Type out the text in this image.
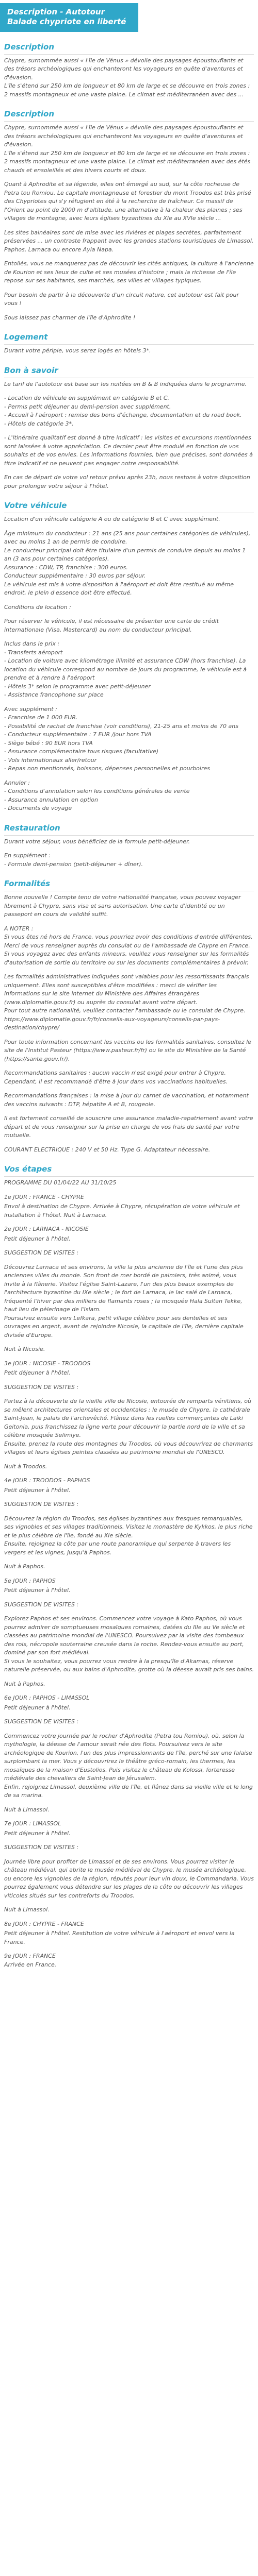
Description - Autotour Balade chypriote en liberté
Description

Chypre, surnommée aussi « l'île de Vénus » dévoile des paysages époustouflants et des trésors archéologiques qui enchanteront les voyageurs en quête d'aventures et d'évasion.
L'île s'étend sur 250 km de longueur et 80 km de large et se découvre en trois zones : 2 massifs montagneux et une vaste plaine. Le climat est méditerranéen avec des ...

Description

Chypre, surnommée aussi « l'île de Vénus » dévoile des paysages époustouflants et des trésors archéologiques qui enchanteront les voyageurs en quête d'aventures et d'évasion.
L'île s'étend sur 250 km de longueur et 80 km de large et se découvre en trois zones : 2 massifs montagneux et une vaste plaine. Le climat est méditerranéen avec des étés chauds et ensoleillés et des hivers courts et doux.

Quant à Aphrodite et sa légende, elles ont émergé au sud, sur la côte rocheuse de Petra tou Romiou. Le capitale montagneuse et forestier du mont Troodos est très prisé des Chypriotes qui s'y réfugient en été à la recherche de fraîcheur. Ce massif de l'Orient au point de 2000 m d'altitude, une alternative à la chaleur des plaines ; ses villages de montagne, avec leurs églises byzantines du XIe au XVIe siècle ...

Les sites balnéaires sont de mise avec les rivières et plages secrètes, parfaitement préservées ... un contraste frappant avec les grandes stations touristiques de Limassol, Paphos, Larnaca ou encore Ayia Napa.

Entoilés, vous ne manquerez pas de découvrir les cités antiques, la culture à l'ancienne de Kourion et ses lieux de culte et ses musées d'histoire ; mais la richesse de l'île repose sur ses habitants, ses marchés, ses villes et villages typiques.

Pour besoin de partir à la découverte d'un circuit nature, cet autotour est fait pour vous !

Sous laissez pas charmer de l'île d'Aphrodite !

Logement

Durant votre périple, vous serez logés en hôtels 3*.

Bon à savoir

Le tarif de l'autotour est base sur les nuitées en B & B indiquées dans le programme.

- Location de véhicule en supplément en catégorie B et C.
- Permis petit déjeuner au demi-pension avec supplément.
- Accueil à l'aéroport : remise des bons d'échange, documentation et du road book.
- Hôtels de catégorie 3*.

- L'itinéraire qualitatif est donné à titre indicatif : les visites et excursions mentionnées sont laissées à votre appréciation. Ce dernier peut être modulé en fonction de vos souhaits et de vos envies. Les informations fournies, bien que précises, sont données à titre indicatif et ne peuvent pas engager notre responsabilité.

En cas de départ de votre vol retour prévu après 23h, nous restons à votre disposition pour prolonger votre séjour à l'hôtel.

Votre véhicule

Location d'un véhicule catégorie A ou de catégorie B et C avec supplément.

Âge minimum du conducteur : 21 ans (25 ans pour certaines catégories de véhicules), avec au moins 1 an de permis de conduire.
Le conducteur principal doit être titulaire d'un permis de conduire depuis au moins 1 an (3 ans pour certaines catégories).
Assurance : CDW, TP, franchise : 300 euros.
Conducteur supplémentaire : 30 euros par séjour.
Le véhicule est mis à votre disposition à l'aéroport et doit être restitué au même endroit, le plein d'essence doit être effectué.

Conditions de location :

Pour réserver le véhicule, il est nécessaire de présenter une carte de crédit internationale (Visa, Mastercard) au nom du conducteur principal.

Inclus dans le prix :
- Transferts aéroport
- Location de voiture avec kilométrage illimité et assurance CDW (hors franchise). La location du véhicule correspond au nombre de jours du programme, le véhicule est à prendre et à rendre à l'aéroport
- Hôtels 3* selon le programme avec petit-déjeuner
- Assistance francophone sur place

Avec supplément :
- Franchise de 1 000 EUR.
- Possibilité de rachat de franchise (voir conditions), 21-25 ans et moins de 70 ans
- Conducteur supplémentaire : 7 EUR /jour hors TVA
- Siège bébé : 90 EUR hors TVA
- Assurance complémentaire tous risques (facultative)
- Vols internationaux aller/retour
- Repas non mentionnés, boissons, dépenses personnelles et pourboires

Annuler :
- Conditions d'annulation selon les conditions générales de vente
- Assurance annulation en option
- Documents de voyage

Restauration

Durant votre séjour, vous bénéficiez de la formule petit-déjeuner.

En supplément :
- Formule demi-pension (petit-déjeuner + dîner).

Formalités

Bonne nouvelle ! Compte tenu de votre nationalité française, vous pouvez voyager librement à Chypre, sans visa et sans autorisation. Une carte d'identité ou un passeport en cours de validité suffit.

A NOTER :
Si vous êtes né hors de France, vous pourriez avoir des conditions d'entrée différentes. Merci de vous renseigner auprès du consulat ou de l'ambassade de Chypre en France.
Si vous voyagez avec des enfants mineurs, veuillez vous renseigner sur les formalités d'autorisation de sortie du territoire ou sur les documents complémentaires à prévoir.

Les formalités administratives indiquées sont valables pour les ressortissants français uniquement. Elles sont susceptibles d'être modifiées : merci de vérifier les informations sur le site internet du Ministère des Affaires étrangères (www.diplomatie.gouv.fr) ou auprès du consulat avant votre départ.
Pour tout autre nationalité, veuillez contacter l'ambassade ou le consulat de Chypre.
https://www.diplomatie.gouv.fr/fr/conseils-aux-voyageurs/conseils-par-pays-destination/chypre/

Pour toute information concernant les vaccins ou les formalités sanitaires, consultez le site de l'Institut Pasteur (https://www.pasteur.fr/fr) ou le site du Ministère de la Santé (https://sante.gouv.fr/).

Recommandations sanitaires : aucun vaccin n'est exigé pour entrer à Chypre. Cependant, il est recommandé d'être à jour dans vos vaccinations habituelles.

Recommandations françaises : la mise à jour du carnet de vaccination, et notamment des vaccins suivants : DTP, hépatite A et B, rougeole.

Il est fortement conseillé de souscrire une assurance maladie-rapatriement avant votre départ et de vous renseigner sur la prise en charge de vos frais de santé par votre mutuelle.

COURANT ELECTRIQUE : 240 V et 50 Hz. Type G. Adaptateur nécessaire.

Vos étapes

PROGRAMME DU 01/04/22 AU 31/10/25

1e JOUR : FRANCE - CHYPRE

Envol à destination de Chypre. Arrivée à Chypre, récupération de votre véhicule et installation à l'hôtel. Nuit à Larnaca.

2e JOUR : LARNACA - NICOSIE

Petit déjeuner à l'hôtel.

SUGGESTION DE VISITES :

Découvrez Larnaca et ses environs, la ville la plus ancienne de l'île et l'une des plus anciennes villes du monde. Son front de mer bordé de palmiers, très animé, vous invite à la flânerie. Visitez l'église Saint-Lazare, l'un des plus beaux exemples de l'architecture byzantine du IXe siècle ; le fort de Larnaca, le lac salé de Larnaca, fréquenté l'hiver par des milliers de flamants roses ; la mosquée Hala Sultan Tekke, haut lieu de pèlerinage de l'Islam.
Poursuivez ensuite vers Lefkara, petit village célèbre pour ses dentelles et ses ouvrages en argent, avant de rejoindre Nicosie, la capitale de l'île, dernière capitale divisée d'Europe.

Nuit à Nicosie.

3e JOUR : NICOSIE - TROODOS

Petit déjeuner à l'hôtel.

SUGGESTION DE VISITES :

Partez à la découverte de la vieille ville de Nicosie, entourée de remparts vénitiens, où se mêlent architectures orientales et occidentales : le musée de Chypre, la cathédrale Saint-Jean, le palais de l'archevêché. Flânez dans les ruelles commerçantes de Laiki Geitonia, puis franchissez la ligne verte pour découvrir la partie nord de la ville et sa célèbre mosquée Selimiye.
Ensuite, prenez la route des montagnes du Troodos, où vous découvrirez de charmants villages et leurs églises peintes classées au patrimoine mondial de l'UNESCO.

Nuit à Troodos.

4e JOUR : TROODOS - PAPHOS

Petit déjeuner à l'hôtel.

SUGGESTION DE VISITES :

Découvrez la région du Troodos, ses églises byzantines aux fresques remarquables, ses vignobles et ses villages traditionnels. Visitez le monastère de Kykkos, le plus riche et le plus célèbre de l'île, fondé au XIe siècle.
Ensuite, rejoignez la côte par une route panoramique qui serpente à travers les vergers et les vignes, jusqu'à Paphos.

Nuit à Paphos.

5e JOUR : PAPHOS

Petit déjeuner à l'hôtel.

SUGGESTION DE VISITES :

Explorez Paphos et ses environs. Commencez votre voyage à Kato Paphos, où vous pourrez admirer de somptueuses mosaïques romaines, datées du IIIe au Ve siècle et classées au patrimoine mondial de l'UNESCO. Poursuivez par la visite des tombeaux des rois, nécropole souterraine creusée dans la roche. Rendez-vous ensuite au port, dominé par son fort médiéval.
Si vous le souhaitez, vous pourrez vous rendre à la presqu'île d'Akamas, réserve naturelle préservée, ou aux bains d'Aphrodite, grotte où la déesse aurait pris ses bains.

Nuit à Paphos.

6e JOUR : PAPHOS - LIMASSOL

Petit déjeuner à l'hôtel.

SUGGESTION DE VISITES :

Commencez votre journée par le rocher d'Aphrodite (Petra tou Romiou), où, selon la mythologie, la déesse de l'amour serait née des flots. Poursuivez vers le site archéologique de Kourion, l'un des plus impressionnants de l'île, perché sur une falaise surplombant la mer. Vous y découvrirez le théâtre gréco-romain, les thermes, les mosaïques de la maison d'Eustolios. Puis visitez le château de Kolossi, forteresse médiévale des chevaliers de Saint-Jean de Jérusalem.
Enfin, rejoignez Limassol, deuxième ville de l'île, et flânez dans sa vieille ville et le long de sa marina.

Nuit à Limassol.

7e JOUR : LIMASSOL

Petit déjeuner à l'hôtel.

SUGGESTION DE VISITES :

Journée libre pour profiter de Limassol et de ses environs. Vous pourrez visiter le château médiéval, qui abrite le musée médiéval de Chypre, le musée archéologique, ou encore les vignobles de la région, réputés pour leur vin doux, le Commandaria. Vous pourrez également vous détendre sur les plages de la côte ou découvrir les villages viticoles situés sur les contreforts du Troodos.

Nuit à Limassol.

8e JOUR : CHYPRE - FRANCE

Petit déjeuner à l'hôtel. Restitution de votre véhicule à l'aéroport et envol vers la France.

9e JOUR : FRANCE
Arrivée en France.
